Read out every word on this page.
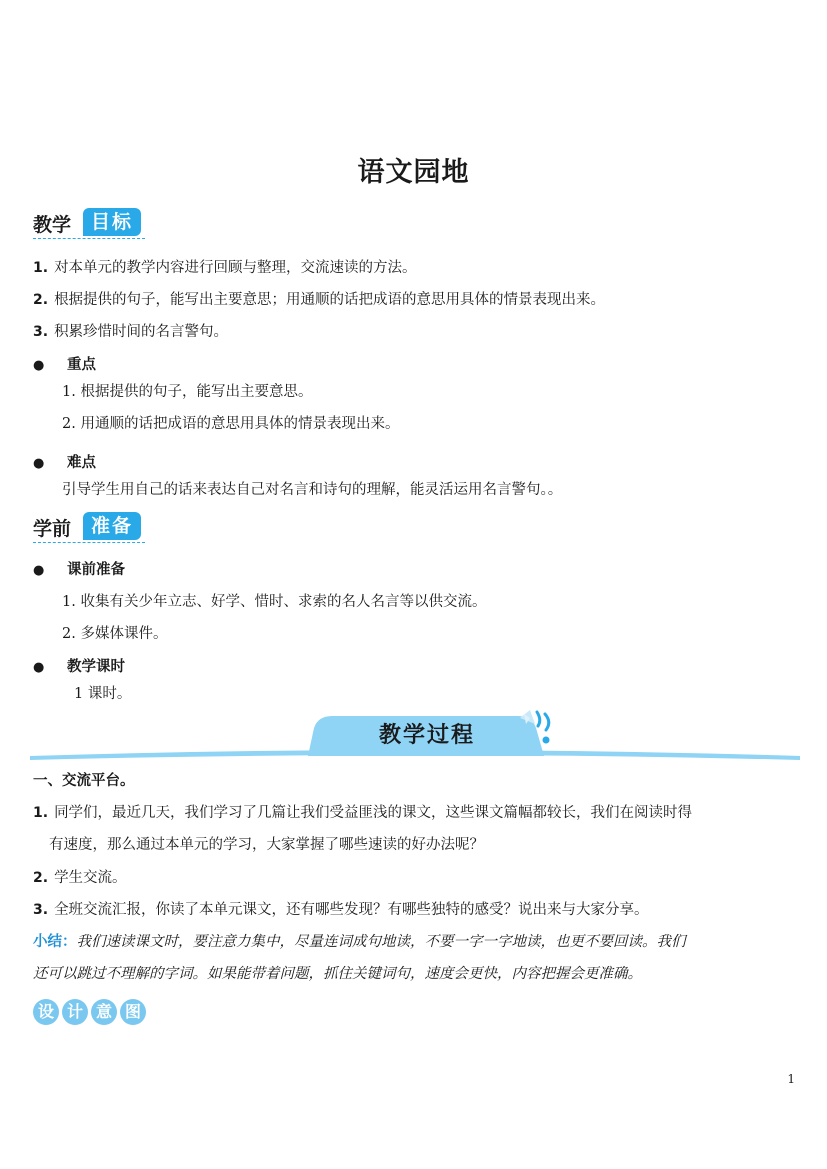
语文园地
教学	目标
1. 对本单元的教学内容进行回顾与整理，交流速读的方法。
2. 根据提供的句子，能写出主要意思；用通顺的话把成语的意思用具体的情景表现出来。
3. 积累珍惜时间的名言警句。
● 重点
1. 根据提供的句子，能写出主要意思。
2. 用通顺的话把成语的意思用具体的情景表现出来。
● 难点
引导学生用自己的话来表达自己对名言和诗句的理解，能灵活运用名言警句。。
学前	准备
● 课前准备
1. 收集有关少年立志、好学、惜时、求索的名人名言等以供交流。
2. 多媒体课件。
● 教学课时
1 课时。
教学过程
一、交流平台。
1. 同学们，最近几天，我们学习了几篇让我们受益匪浅的课文，这些课文篇幅都较长，我们在阅读时得
有速度，那么通过本单元的学习，大家掌握了哪些速读的好办法呢？
2. 学生交流。
3. 全班交流汇报，你读了本单元课文，还有哪些发现？有哪些独特的感受？说出来与大家分享。
小结：我们速读课文时，要注意力集中，尽量连词成句地读，不要一字一字地读，也更不要回读。我们
还可以跳过不理解的字词。如果能带着问题，抓住关键词句，速度会更快，内容把握会更准确。
设 计 意 图
1
